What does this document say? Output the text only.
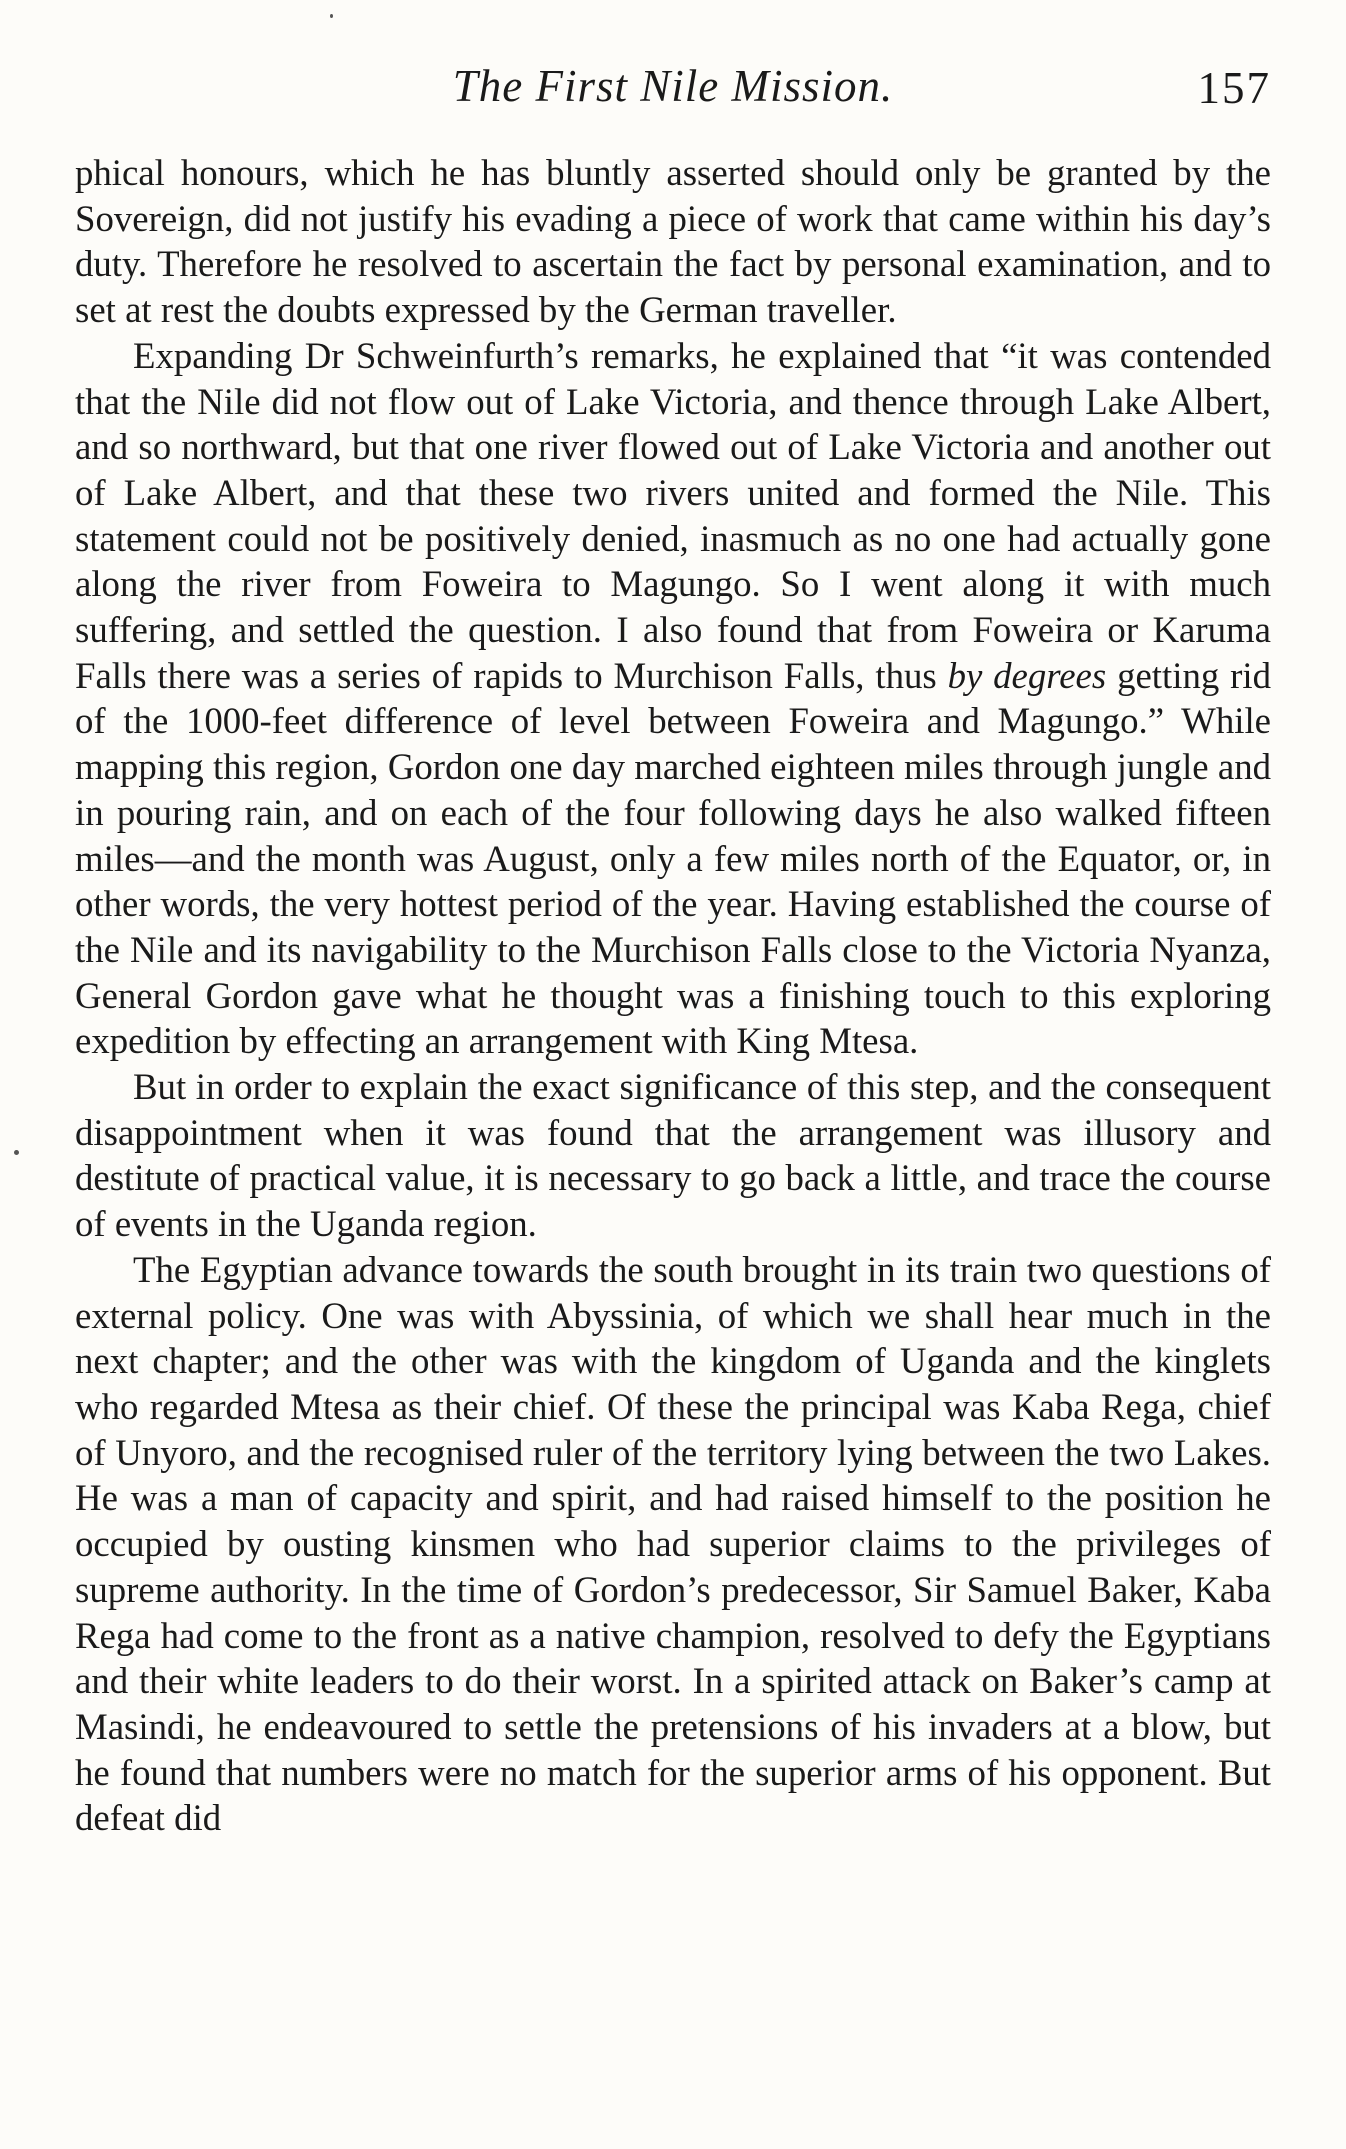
The First Nile Mission.	157

phical honours, which he has bluntly asserted should only be granted by the Sovereign, did not justify his evading a piece of work that came within his day’s duty. Therefore he resolved to ascertain the fact by personal examination, and to set at rest the doubts expressed by the German traveller.

Expanding Dr Schweinfurth’s remarks, he explained that “it was contended that the Nile did not flow out of Lake Victoria, and thence through Lake Albert, and so northward, but that one river flowed out of Lake Victoria and another out of Lake Albert, and that these two rivers united and formed the Nile. This statement could not be positively denied, inasmuch as no one had actually gone along the river from Foweira to Magungo. So I went along it with much suffering, and settled the question. I also found that from Foweira or Karuma Falls there was a series of rapids to Murchison Falls, thus by degrees getting rid of the 1000-feet difference of level between Foweira and Magungo.” While mapping this region, Gordon one day marched eighteen miles through jungle and in pouring rain, and on each of the four following days he also walked fifteen miles—and the month was August, only a few miles north of the Equator, or, in other words, the very hottest period of the year. Having established the course of the Nile and its navigability to the Murchison Falls close to the Victoria Nyanza, General Gordon gave what he thought was a finishing touch to this exploring expedition by effecting an arrangement with King Mtesa.

But in order to explain the exact significance of this step, and the consequent disappointment when it was found that the arrangement was illusory and destitute of practical value, it is necessary to go back a little, and trace the course of events in the Uganda region.

The Egyptian advance towards the south brought in its train two questions of external policy. One was with Abyssinia, of which we shall hear much in the next chapter; and the other was with the kingdom of Uganda and the kinglets who regarded Mtesa as their chief. Of these the principal was Kaba Rega, chief of Unyoro, and the recognised ruler of the territory lying between the two Lakes. He was a man of capacity and spirit, and had raised himself to the position he occupied by ousting kinsmen who had superior claims to the privileges of supreme authority. In the time of Gordon’s predecessor, Sir Samuel Baker, Kaba Rega had come to the front as a native champion, resolved to defy the Egyptians and their white leaders to do their worst. In a spirited attack on Baker’s camp at Masindi, he endeavoured to settle the pretensions of his invaders at a blow, but he found that numbers were no match for the superior arms of his opponent. But defeat did
